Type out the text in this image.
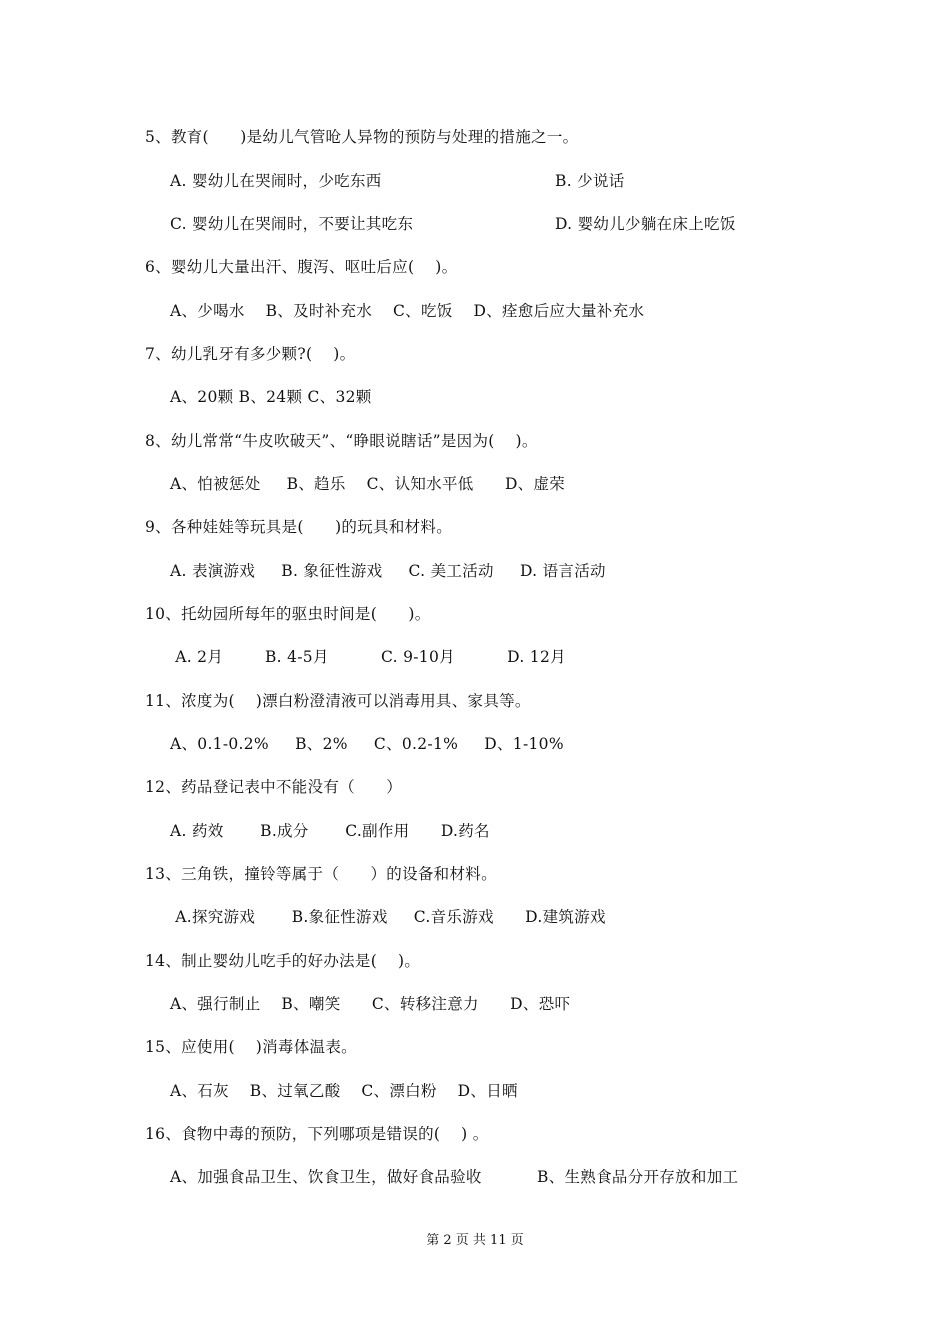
5、教育(      )是幼儿气管呛人异物的预防与处理的措施之一。
A. 婴幼儿在哭闹时，少吃东西	B. 少说话
C. 婴幼儿在哭闹时，不要让其吃东	D. 婴幼儿少躺在床上吃饭
6、婴幼儿大量出汗、腹泻、呕吐后应(    )。
A、少喝水    B、及时补充水    C、吃饭    D、痊愈后应大量补充水
7、幼儿乳牙有多少颗?(    )。
A、20颗 B、24颗 C、32颗
8、幼儿常常“牛皮吹破天”、“睁眼说瞎话”是因为(    )。
A、怕被惩处     B、趋乐    C、认知水平低      D、虚荣
9、各种娃娃等玩具是(      )的玩具和材料。
A. 表演游戏     B. 象征性游戏     C. 美工活动     D. 语言活动
10、托幼园所每年的驱虫时间是(      )。
A. 2月        B. 4-5月          C. 9-10月          D. 12月
11、浓度为(    )漂白粉澄清液可以消毒用具、家具等。
A、0.1-0.2%     B、2%     C、0.2-1%     D、1-10%
12、药品登记表中不能没有（      ）
A. 药效       B.成分       C.副作用      D.药名
13、三角铁，撞铃等属于（      ）的设备和材料。
A.探究游戏       B.象征性游戏     C.音乐游戏      D.建筑游戏
14、制止婴幼儿吃手的好办法是(    )。
A、强行制止    B、嘲笑      C、转移注意力      D、恐吓
15、应使用(    )消毒体温表。
A、石灰    B、过氧乙酸    C、漂白粉    D、日晒
16、食物中毒的预防，下列哪项是错误的(    ) 。
A、加强食品卫生、饮食卫生，做好食品验收	B、生熟食品分开存放和加工
第 2 页 共 11 页
